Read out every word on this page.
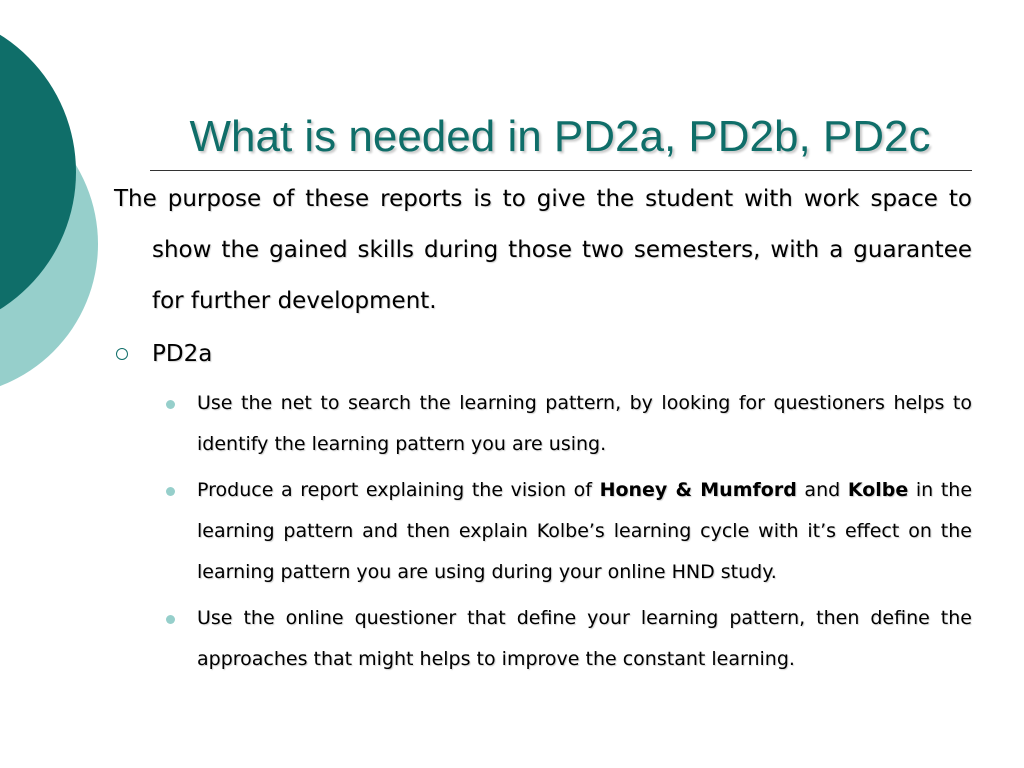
What is needed in PD2a, PD2b, PD2c

The purpose of these reports is to give the student with work space to show the gained skills during those two semesters, with a guarantee for further development.

PD2a
Use the net to search the learning pattern, by looking for questioners helps to identify the learning pattern you are using.
Produce a report explaining the vision of Honey & Mumford and Kolbe in the learning pattern and then explain Kolbe’s learning cycle with it’s effect on the learning pattern you are using during your online HND study.
Use the online questioner that define your learning pattern, then define the approaches that might helps to improve the constant learning.
